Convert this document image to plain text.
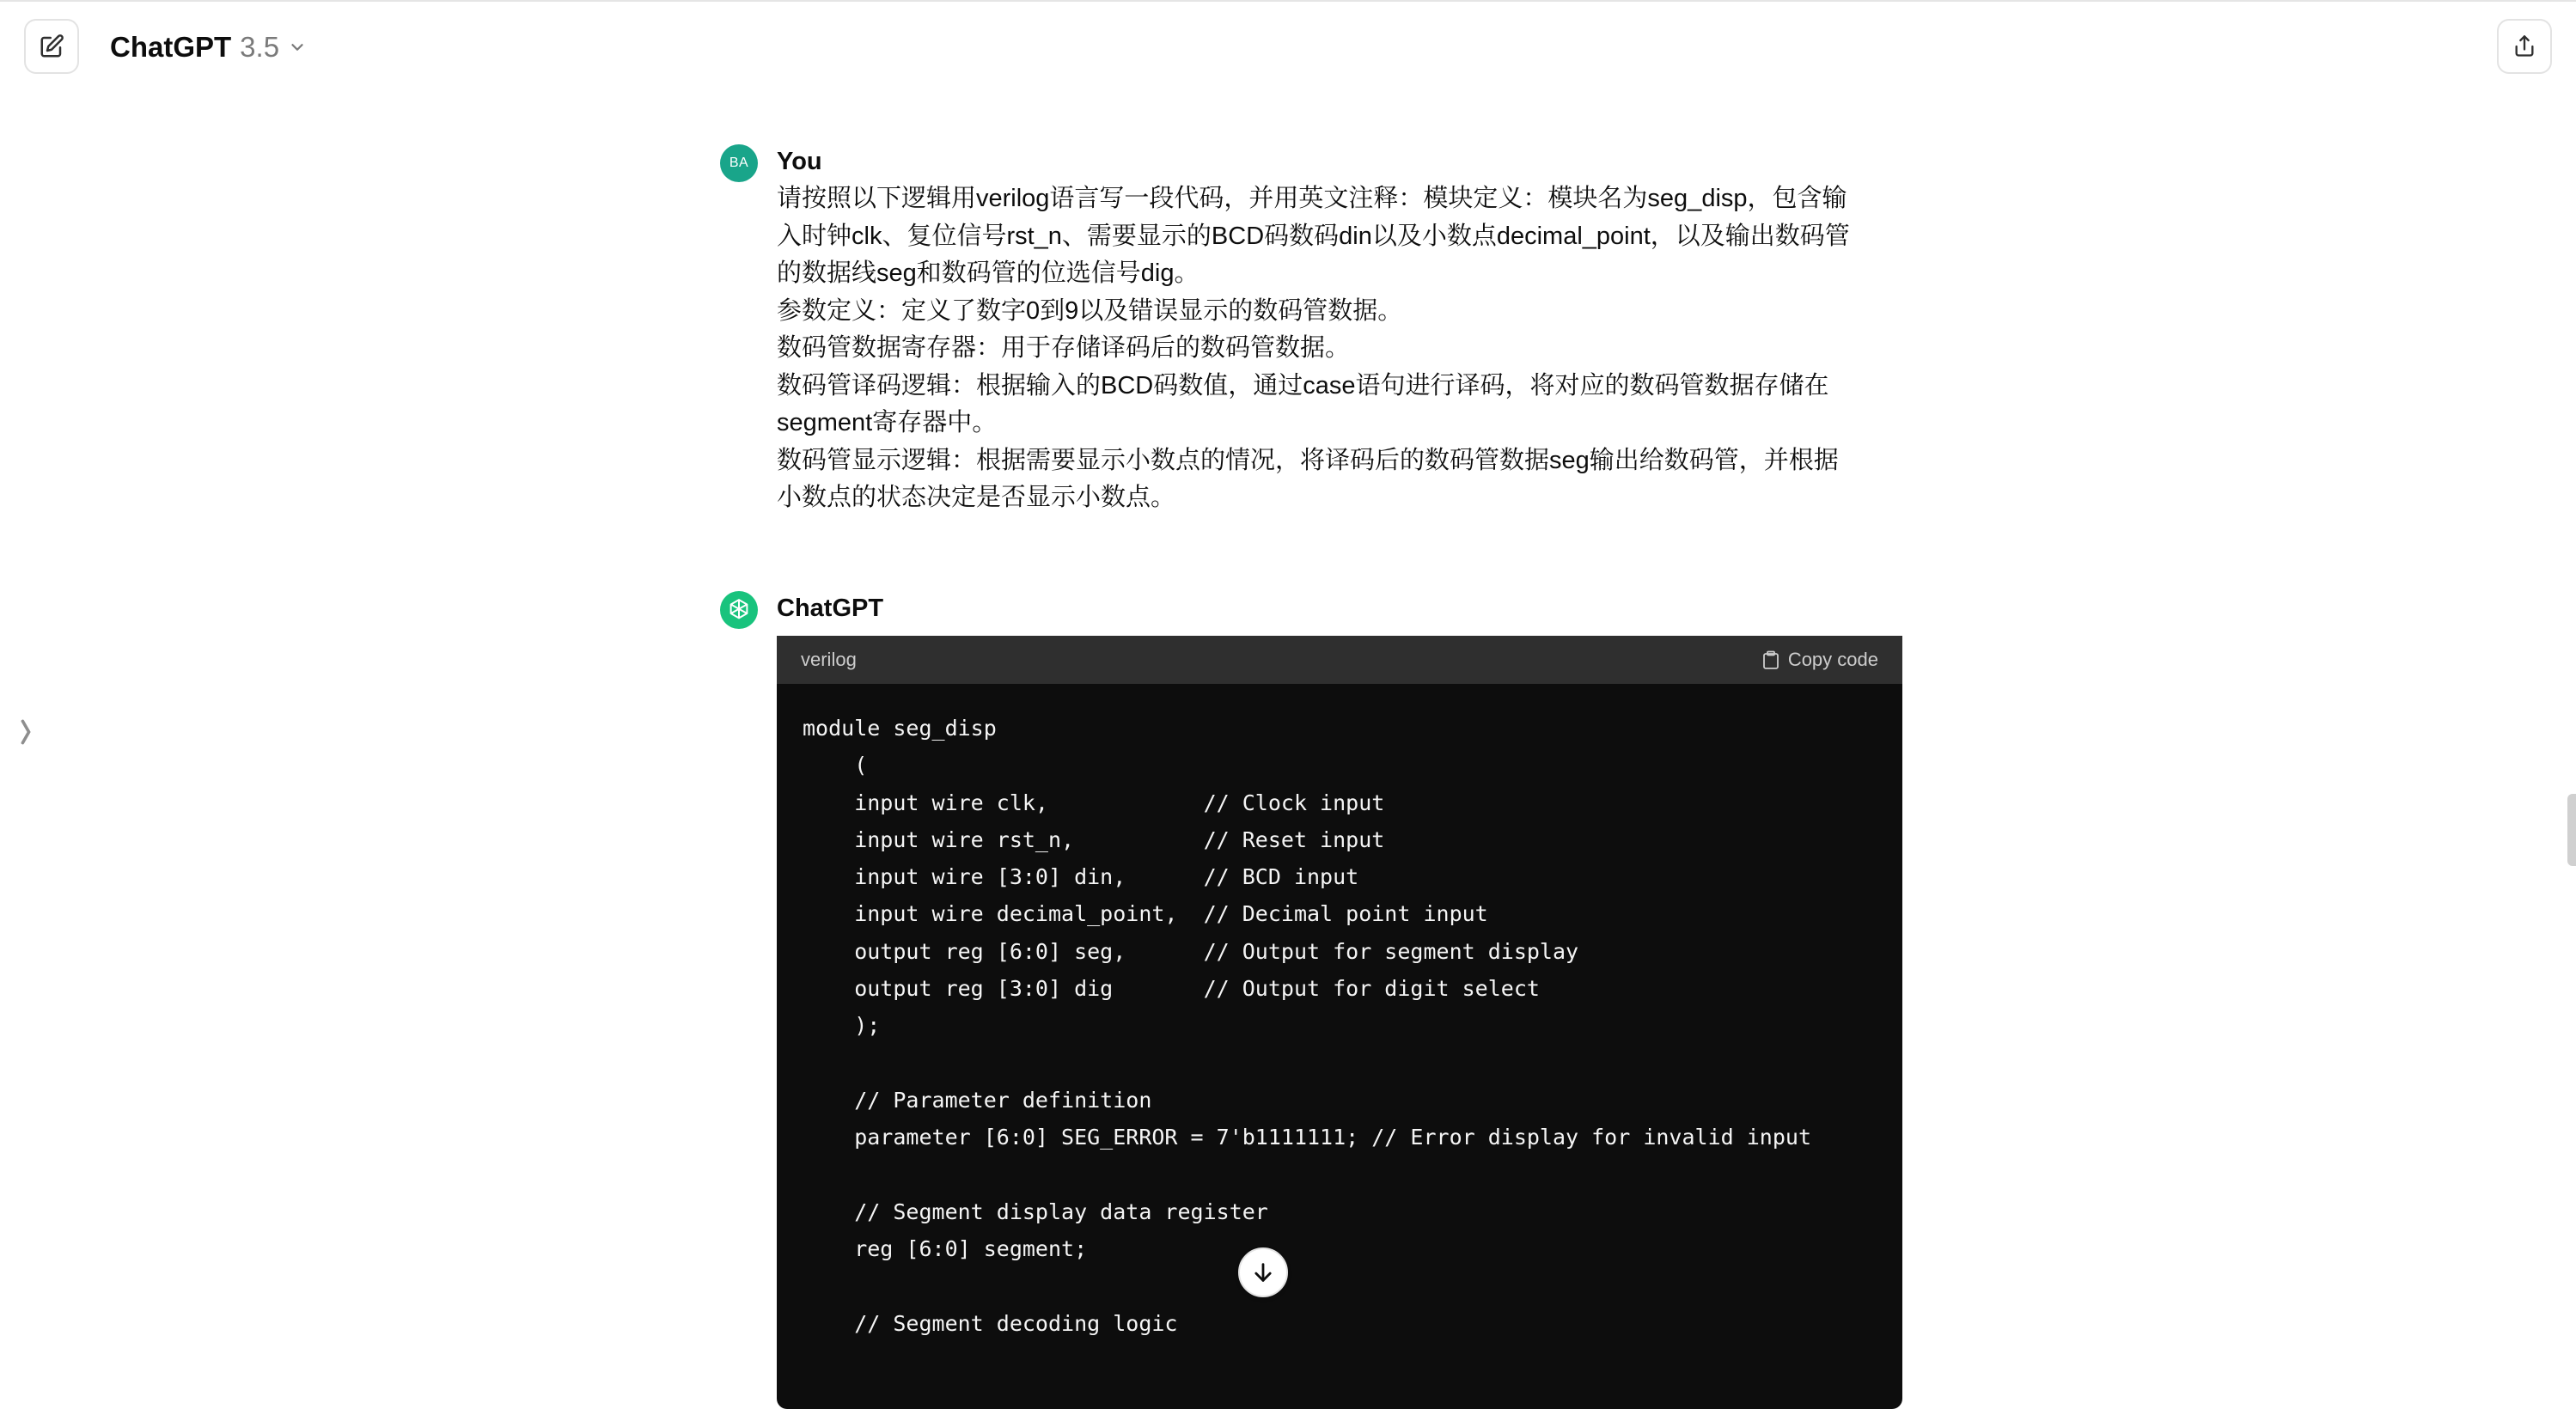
ChatGPT 3.5
BA	You

请按照以下逻辑用verilog语言写一段代码，并用英文注释：模块定义：模块名为seg_disp，包含输入时钟clk、复位信号rst_n、需要显示的BCD码数码din以及小数点decimal_point，以及输出数码管的数据线seg和数码管的位选信号dig。

参数定义：定义了数字0到9以及错误显示的数码管数据。

数码管数据寄存器：用于存储译码后的数码管数据。

数码管译码逻辑：根据输入的BCD码数值，通过case语句进行译码，将对应的数码管数据存储在segment寄存器中。

数码管显示逻辑：根据需要显示小数点的情况，将译码后的数码管数据seg输出给数码管，并根据小数点的状态决定是否显示小数点。

ChatGPT
verilog	Copy code
module seg_disp
(
input wire clk,            // Clock input
input wire rst_n,          // Reset input
input wire [3:0] din,      // BCD input
input wire decimal_point,  // Decimal point input
output reg [6:0] seg,      // Output for segment display
output reg [3:0] dig       // Output for digit select
);
// Parameter definition
parameter [6:0] SEG_ERROR = 7'b1111111; // Error display for invalid input
// Segment display data register
reg [6:0] segment;
// Segment decoding logic
